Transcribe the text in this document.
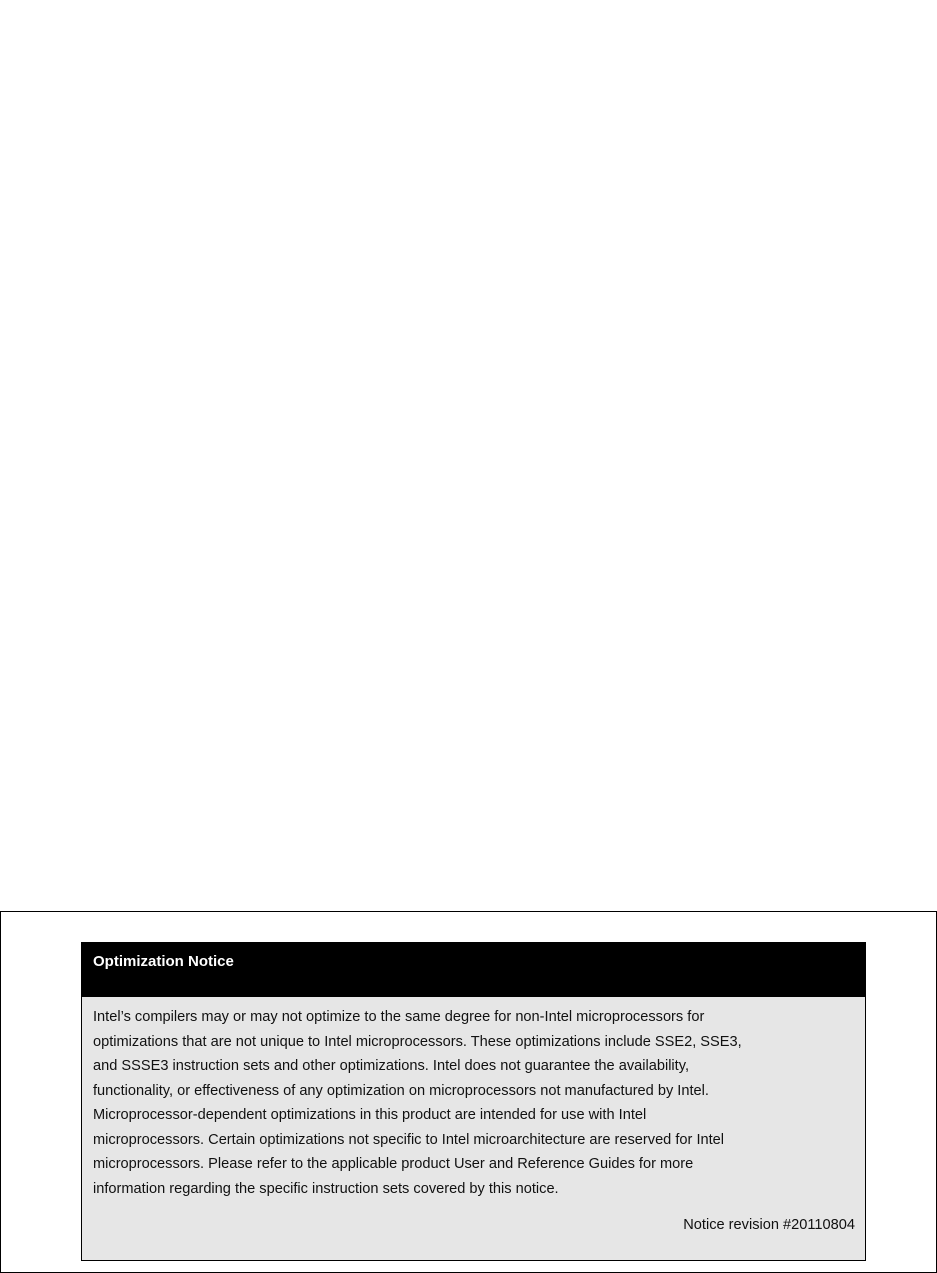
Optimization Notice
Intel’s compilers may or may not optimize to the same degree for non-Intel microprocessors for
optimizations that are not unique to Intel microprocessors. These optimizations include SSE2, SSE3,
and SSSE3 instruction sets and other optimizations. Intel does not guarantee the availability,
functionality, or effectiveness of any optimization on microprocessors not manufactured by Intel.
Microprocessor-dependent optimizations in this product are intended for use with Intel
microprocessors. Certain optimizations not specific to Intel microarchitecture are reserved for Intel
microprocessors. Please refer to the applicable product User and Reference Guides for more
information regarding the specific instruction sets covered by this notice.
Notice revision #20110804
